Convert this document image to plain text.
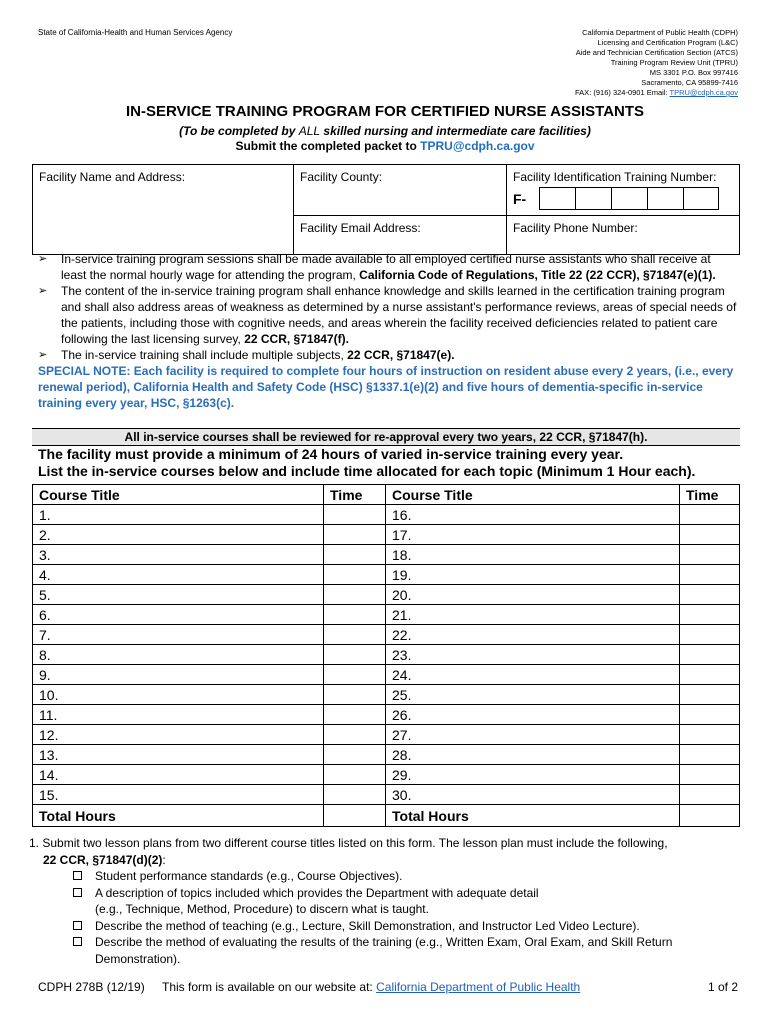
State of California-Health and Human Services Agency	California Department of Public Health (CDPH)
Licensing and Certification Program (L&C)
Aide and Technician Certification Section (ATCS)
Training Program Review Unit (TPRU)
MS 3301 P.O. Box 997416
Sacramento, CA 95899-7416
FAX: (916) 324-0901 Email: TPRU@cdph.ca.gov
IN-SERVICE TRAINING PROGRAM FOR CERTIFIED NURSE ASSISTANTS
(To be completed by ALL skilled nursing and intermediate care facilities)
Submit the completed packet to TPRU@cdph.ca.gov
Facility Name and Address:	Facility County:	Facility Identification Training Number:
F-

	Facility Email Address:	Facility Phone Number:
➢	In-service training program sessions shall be made available to all employed certified nurse assistants who shall receive at least the normal hourly wage for attending the program, California Code of Regulations, Title 22 (22 CCR), §71847(e)(1).
➢	The content of the in-service training program shall enhance knowledge and skills learned in the certification training program and shall also address areas of weakness as determined by a nurse assistant's performance reviews, areas of special needs of the patients, including those with cognitive needs, and areas wherein the facility received deficiencies related to patient care following the last licensing survey, 22 CCR, §71847(f).
➢	The in-service training shall include multiple subjects, 22 CCR, §71847(e).
SPECIAL NOTE: Each facility is required to complete four hours of instruction on resident abuse every 2 years, (i.e., every renewal period), California Health and Safety Code (HSC) §1337.1(e)(2) and five hours of dementia-specific in-service training every year, HSC, §1263(c).
All in-service courses shall be reviewed for re-approval every two years, 22 CCR, §71847(h).
The facility must provide a minimum of 24 hours of varied in-service training every year.
List the in-service courses below and include time allocated for each topic (Minimum 1 Hour each).
Course Title	Time	Course Title	Time
1.		16.	
2.		17.	
3.		18.	
4.		19.	
5.		20.	
6.		21.	
7.		22.	
8.		23.	
9.		24.	
10.		25.	
11.		26.	
12.		27.	
13.		28.	
14.		29.	
15.		30.	
Total Hours		Total Hours	
1. Submit two lesson plans from two different course titles listed on this form. The lesson plan must include the following,
22 CCR, §71847(d)(2):
Student performance standards (e.g., Course Objectives).
A description of topics included which provides the Department with adequate detail
(e.g., Technique, Method, Procedure) to discern what is taught.
Describe the method of teaching (e.g., Lecture, Skill Demonstration, and Instructor Led Video Lecture).
Describe the method of evaluating the results of the training (e.g., Written Exam, Oral Exam, and Skill Return
Demonstration).
CDPH 278B (12/19)	This form is available on our website at: California Department of Public Health	1 of 2
